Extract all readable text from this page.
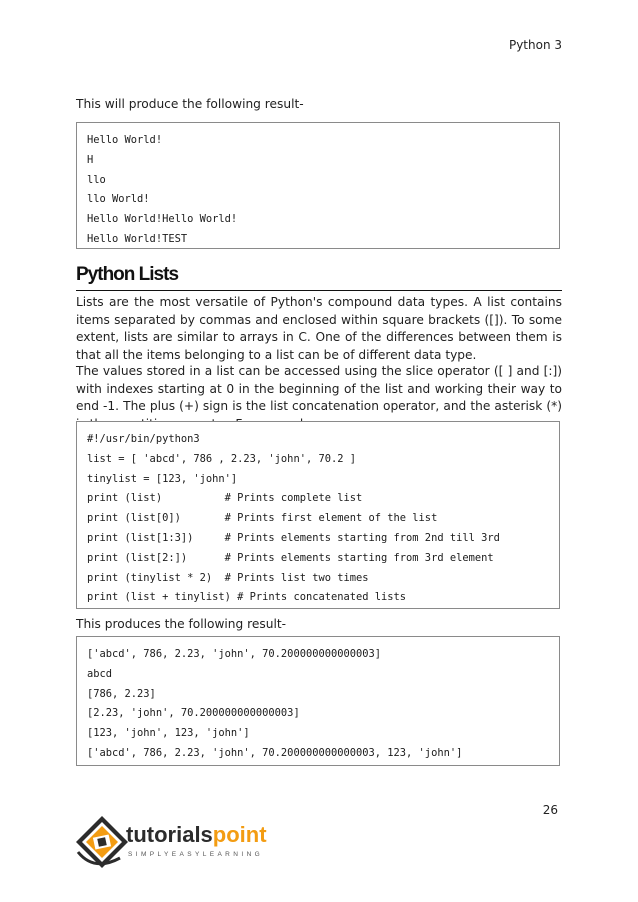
Python 3

This will produce the following result-

Hello World!
H
llo
llo World!
Hello World!Hello World!
Hello World!TEST
Python Lists

Lists are the most versatile of Python's compound data types. A list contains items separated by commas and enclosed within square brackets ([]). To some extent, lists are similar to arrays in C. One of the differences between them is that all the items belonging to a list can be of different data type.

The values stored in a list can be accessed using the slice operator ([ ] and [:]) with indexes starting at 0 in the beginning of the list and working their way to end -1. The plus (+) sign is the list concatenation operator, and the asterisk (*)

#!/usr/bin/python3
list = [ 'abcd', 786 , 2.23, 'john', 70.2 ]
tinylist = [123, 'john']
print (list)          # Prints complete list
print (list[0])       # Prints first element of the list
print (list[1:3])     # Prints elements starting from 2nd till 3rd
print (list[2:])      # Prints elements starting from 3rd element
print (tinylist * 2)  # Prints list two times
print (list + tinylist) # Prints concatenated lists

This produces the following result-

['abcd', 786, 2.23, 'john', 70.200000000000003]
abcd
[786, 2.23]
[2.23, 'john', 70.200000000000003]
[123, 'john', 123, 'john']
['abcd', 786, 2.23, 'john', 70.200000000000003, 123, 'john']
26
tutorialspoint
SIMPLYEASYLEARNING
